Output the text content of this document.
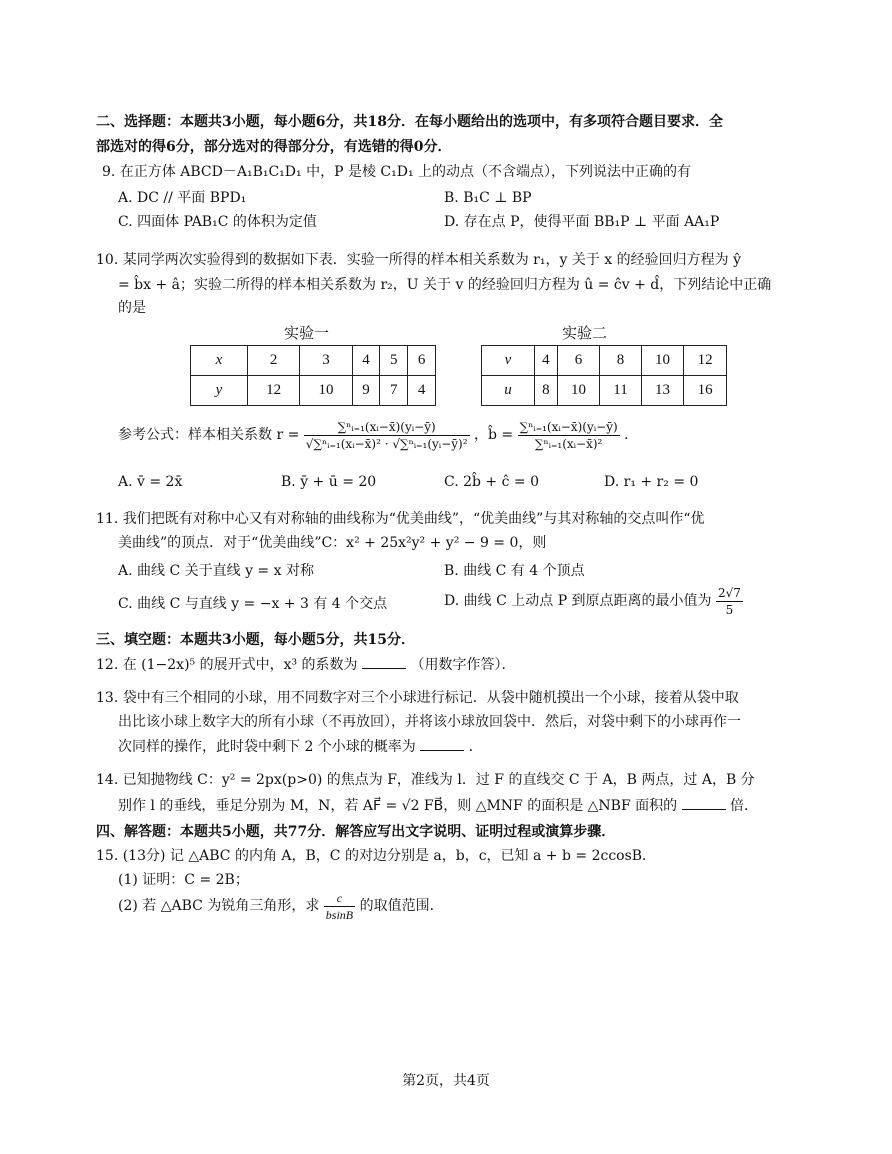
二、选择题：本题共3小题，每小题6分，共18分．在每小题给出的选项中，有多项符合题目要求．全
部选对的得6分，部分选对的得部分分，有选错的得0分．
9. 在正方体 ABCD－A₁B₁C₁D₁ 中，P 是棱 C₁D₁ 上的动点（不含端点），下列说法中正确的有
A. DC // 平面 BPD₁	B. B₁C ⊥ BP
C. 四面体 PAB₁C 的体积为定值	D. 存在点 P，使得平面 BB₁P ⊥ 平面 AA₁P
10. 某同学两次实验得到的数据如下表．实验一所得的样本相关系数为 r₁，y 关于 x 的经验回归方程为 ŷ
= b̂x + â；实验二所得的样本相关系数为 r₂，U 关于 v 的经验回归方程为 û = ĉv + d̂，下列结论中正确
的是
实验一	实验二
x	2	3	4	5	6
y	12	10	9	7	4
v	4	6	8	10	12
u	8	10	11	13	16
参考公式：样本相关系数 $r = \frac{\text{∑ⁿᵢ₌₁(xᵢ−x̄)(yᵢ−ȳ)}}{\text{√∑ⁿᵢ₌₁(xᵢ−x̄)² · √∑ⁿᵢ₌₁(yᵢ−ȳ)²}}$ ，b̂ = $\frac{\text{∑ⁿᵢ₌₁(xᵢ−x̄)(yᵢ−ȳ)}}{\text{∑ⁿᵢ₌₁(xᵢ−x̄)²}}$ ．
A. v̄ = 2x̄	B. ȳ + ū = 20	C. 2b̂ + ĉ = 0	D. r₁ + r₂ = 0
11. 我们把既有对称中心又有对称轴的曲线称为“优美曲线”，“优美曲线”与其对称轴的交点叫作“优
美曲线”的顶点．对于“优美曲线”C：x² + 25x²y² + y² − 9 = 0，则
A. 曲线 C 关于直线 y = x 对称	B. 曲线 C 有 4 个顶点
C. 曲线 C 与直线 y = −x + 3 有 4 个交点	D. 曲线 C 上动点 P 到原点距离的最小值为 $\frac{2√7}{5}$
三、填空题：本题共3小题，每小题5分，共15分．
12. 在 (1−2x)⁵ 的展开式中，x³ 的系数为	（用数字作答）．
13. 袋中有三个相同的小球，用不同数字对三个小球进行标记．从袋中随机摸出一个小球，接着从袋中取
出比该小球上数字大的所有小球（不再放回），并将该小球放回袋中．然后，对袋中剩下的小球再作一
次同样的操作，此时袋中剩下 2 个小球的概率为	．
14. 已知抛物线 C：y² = 2px(p>0) 的焦点为 F，准线为 l．过 F 的直线交 C 于 A，B 两点，过 A，B 分
别作 l 的垂线，垂足分别为 M，N，若 AF⃗ = √2 FB⃗，则 △MNF 的面积是 △NBF 面积的	倍．
四、解答题：本题共5小题，共77分．解答应写出文字说明、证明过程或演算步骤．
15. (13分) 记 △ABC 的内角 A，B，C 的对边分别是 a，b，c，已知 a + b = 2ccosB．
(1) 证明：C = 2B；
(2) 若 △ABC 为锐角三角形，求 $\frac{c}{bsinB}$ 的取值范围．
第2页，共4页
